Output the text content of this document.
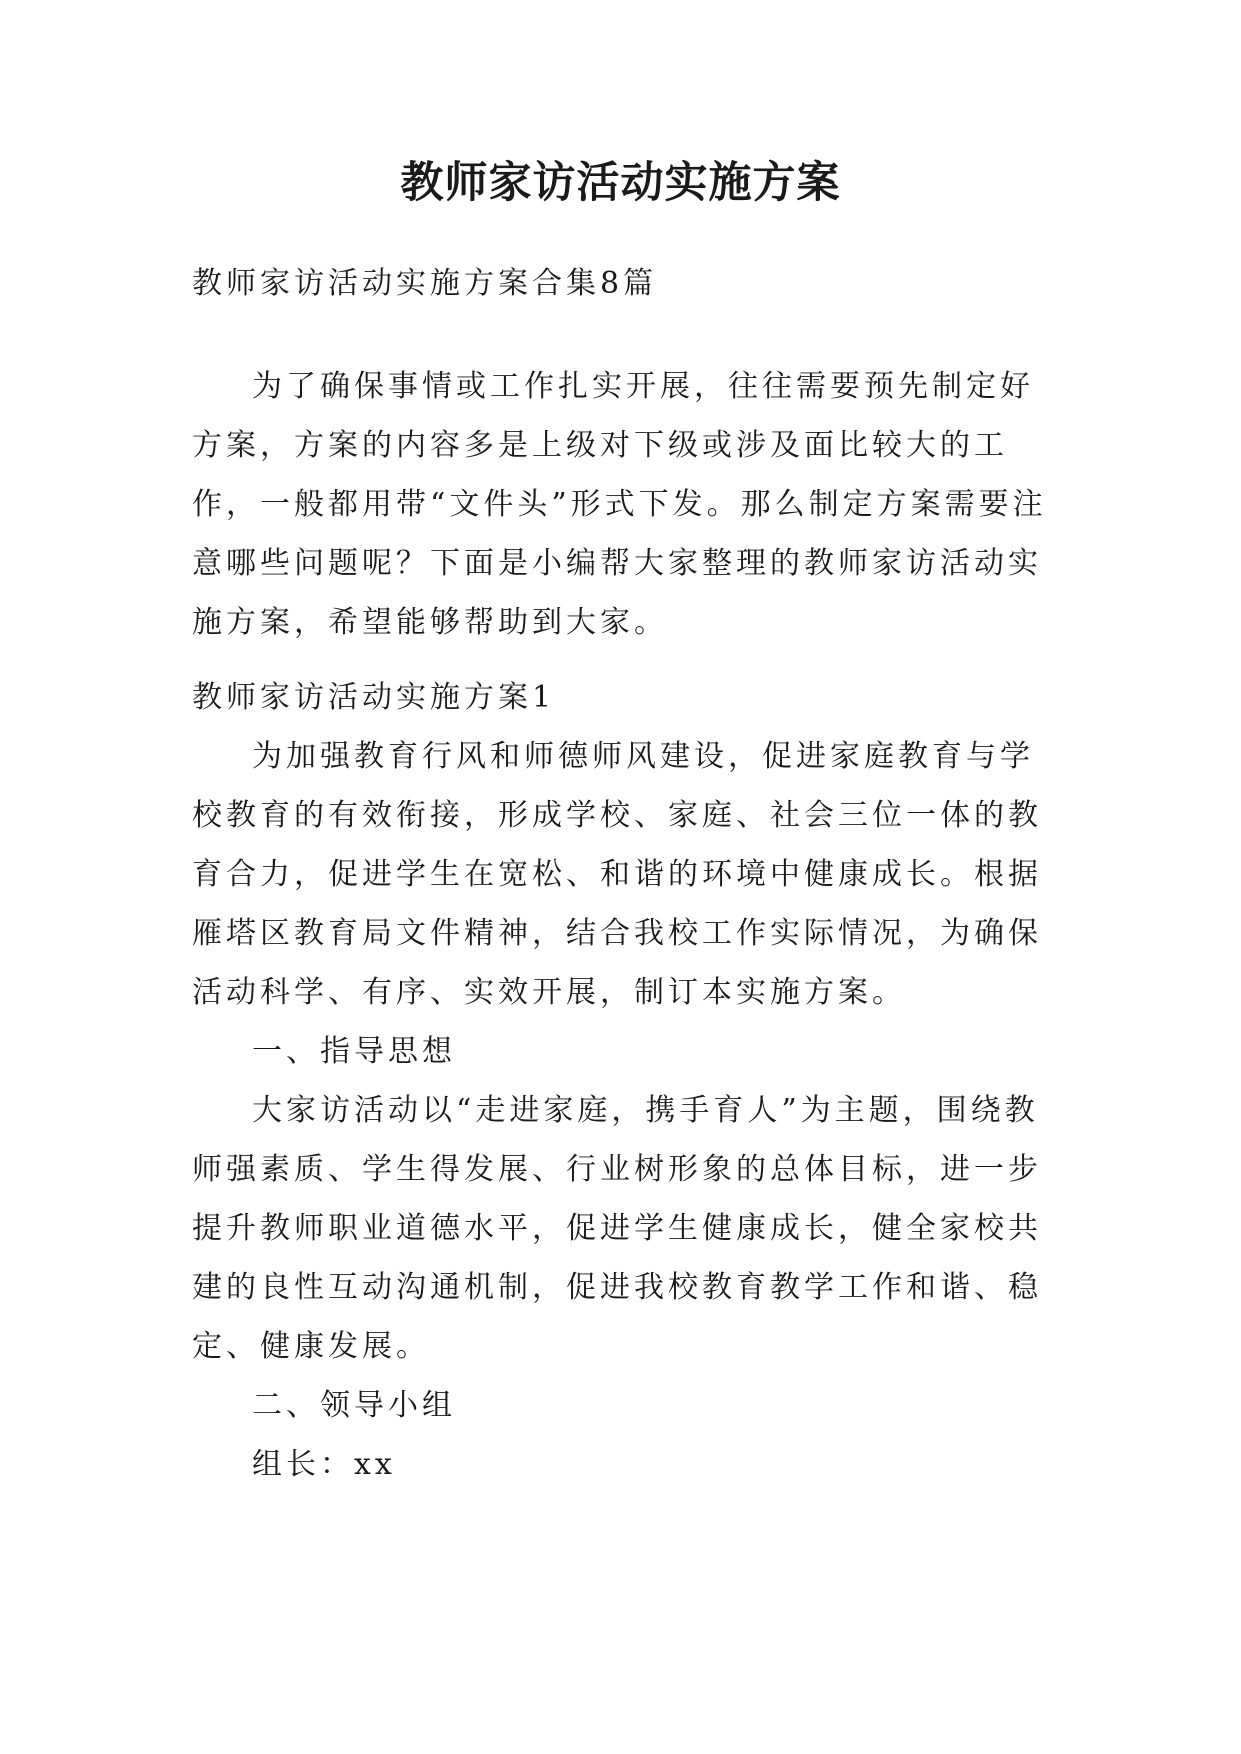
教师家访活动实施方案

教师家访活动实施方案合集8篇

为了确保事情或工作扎实开展，往往需要预先制定好方案，方案的内容多是上级对下级或涉及面比较大的工作，一般都用带“文件头”形式下发。那么制定方案需要注意哪些问题呢？下面是小编帮大家整理的教师家访活动实施方案，希望能够帮助到大家。

教师家访活动实施方案1

为加强教育行风和师德师风建设，促进家庭教育与学校教育的有效衔接，形成学校、家庭、社会三位一体的教育合力，促进学生在宽松、和谐的环境中健康成长。根据雁塔区教育局文件精神，结合我校工作实际情况，为确保活动科学、有序、实效开展，制订本实施方案。

一、指导思想

大家访活动以“走进家庭，携手育人”为主题，围绕教师强素质、学生得发展、行业树形象的总体目标，进一步提升教师职业道德水平，促进学生健康成长，健全家校共建的良性互动沟通机制，促进我校教育教学工作和谐、稳定、健康发展。

二、领导小组

组长：xx
